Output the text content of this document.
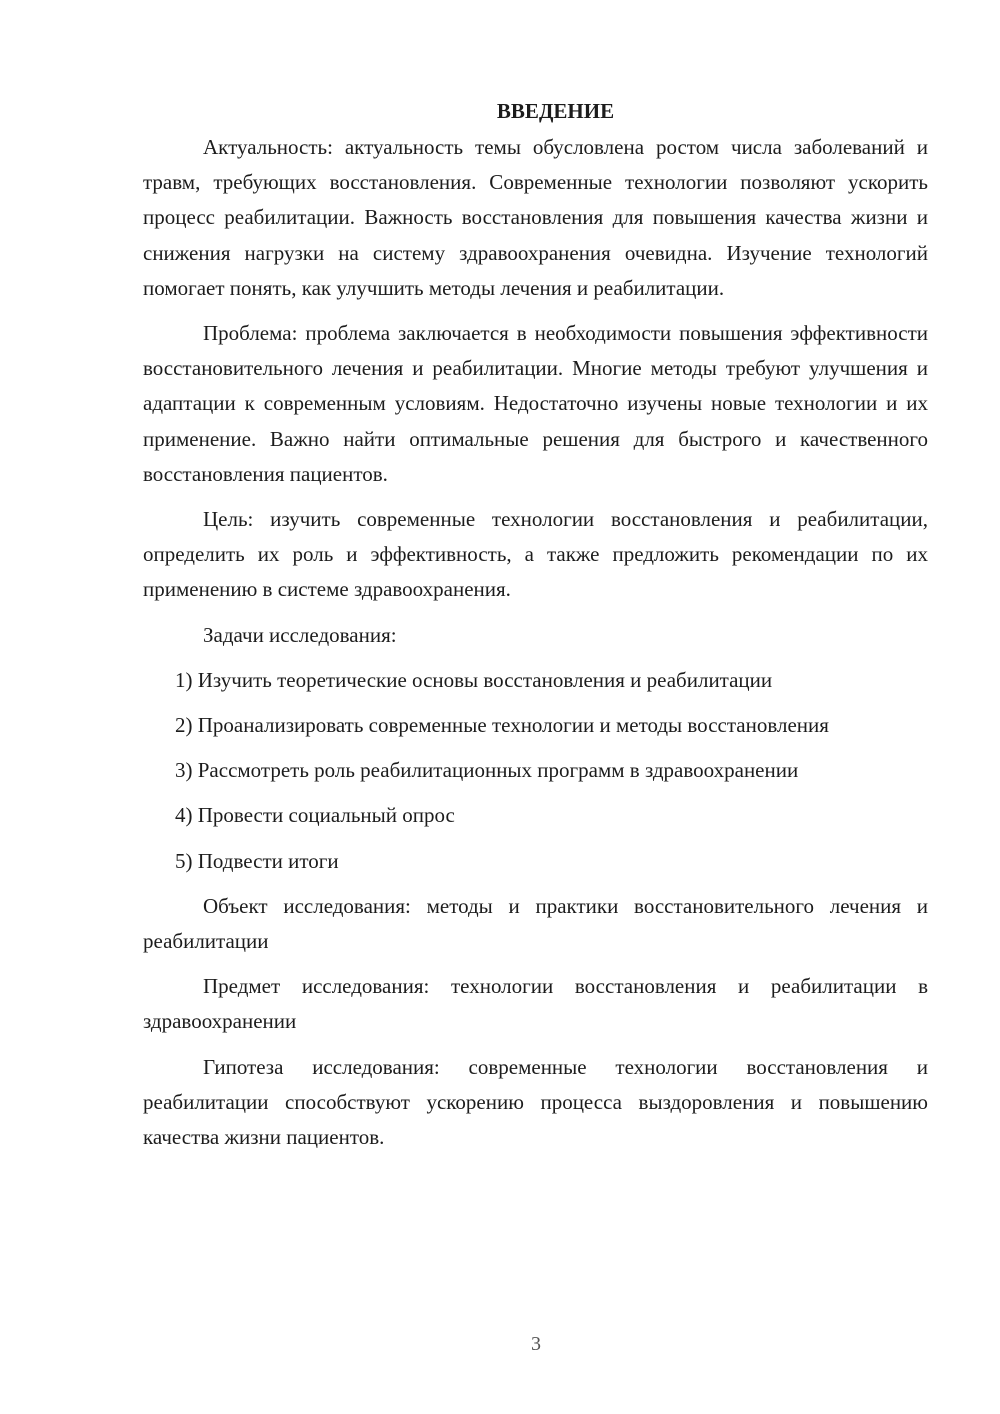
ВВЕДЕНИЕ

Актуальность: актуальность темы обусловлена ростом числа заболеваний и травм, требующих восстановления. Современные технологии позволяют ускорить процесс реабилитации. Важность восстановления для повышения качества жизни и снижения нагрузки на систему здравоохранения очевидна. Изучение технологий помогает понять, как улучшить методы лечения и реабилитации.

Проблема: проблема заключается в необходимости повышения эффективности восстановительного лечения и реабилитации. Многие методы требуют улучшения и адаптации к современным условиям. Недостаточно изучены новые технологии и их применение. Важно найти оптимальные решения для быстрого и качественного восстановления пациентов.

Цель: изучить современные технологии восстановления и реабилитации, определить их роль и эффективность, а также предложить рекомендации по их применению в системе здравоохранения.

Задачи исследования:

1) Изучить теоретические основы восстановления и реабилитации

2) Проанализировать современные технологии и методы восстановления

3) Рассмотреть роль реабилитационных программ в здравоохранении

4) Провести социальный опрос

5) Подвести итоги

Объект исследования: методы и практики восстановительного лечения и реабилитации

Предмет исследования: технологии восстановления и реабилитации в здравоохранении

Гипотеза исследования: современные технологии восстановления и реабилитации способствуют ускорению процесса выздоровления и повышению качества жизни пациентов.

3
